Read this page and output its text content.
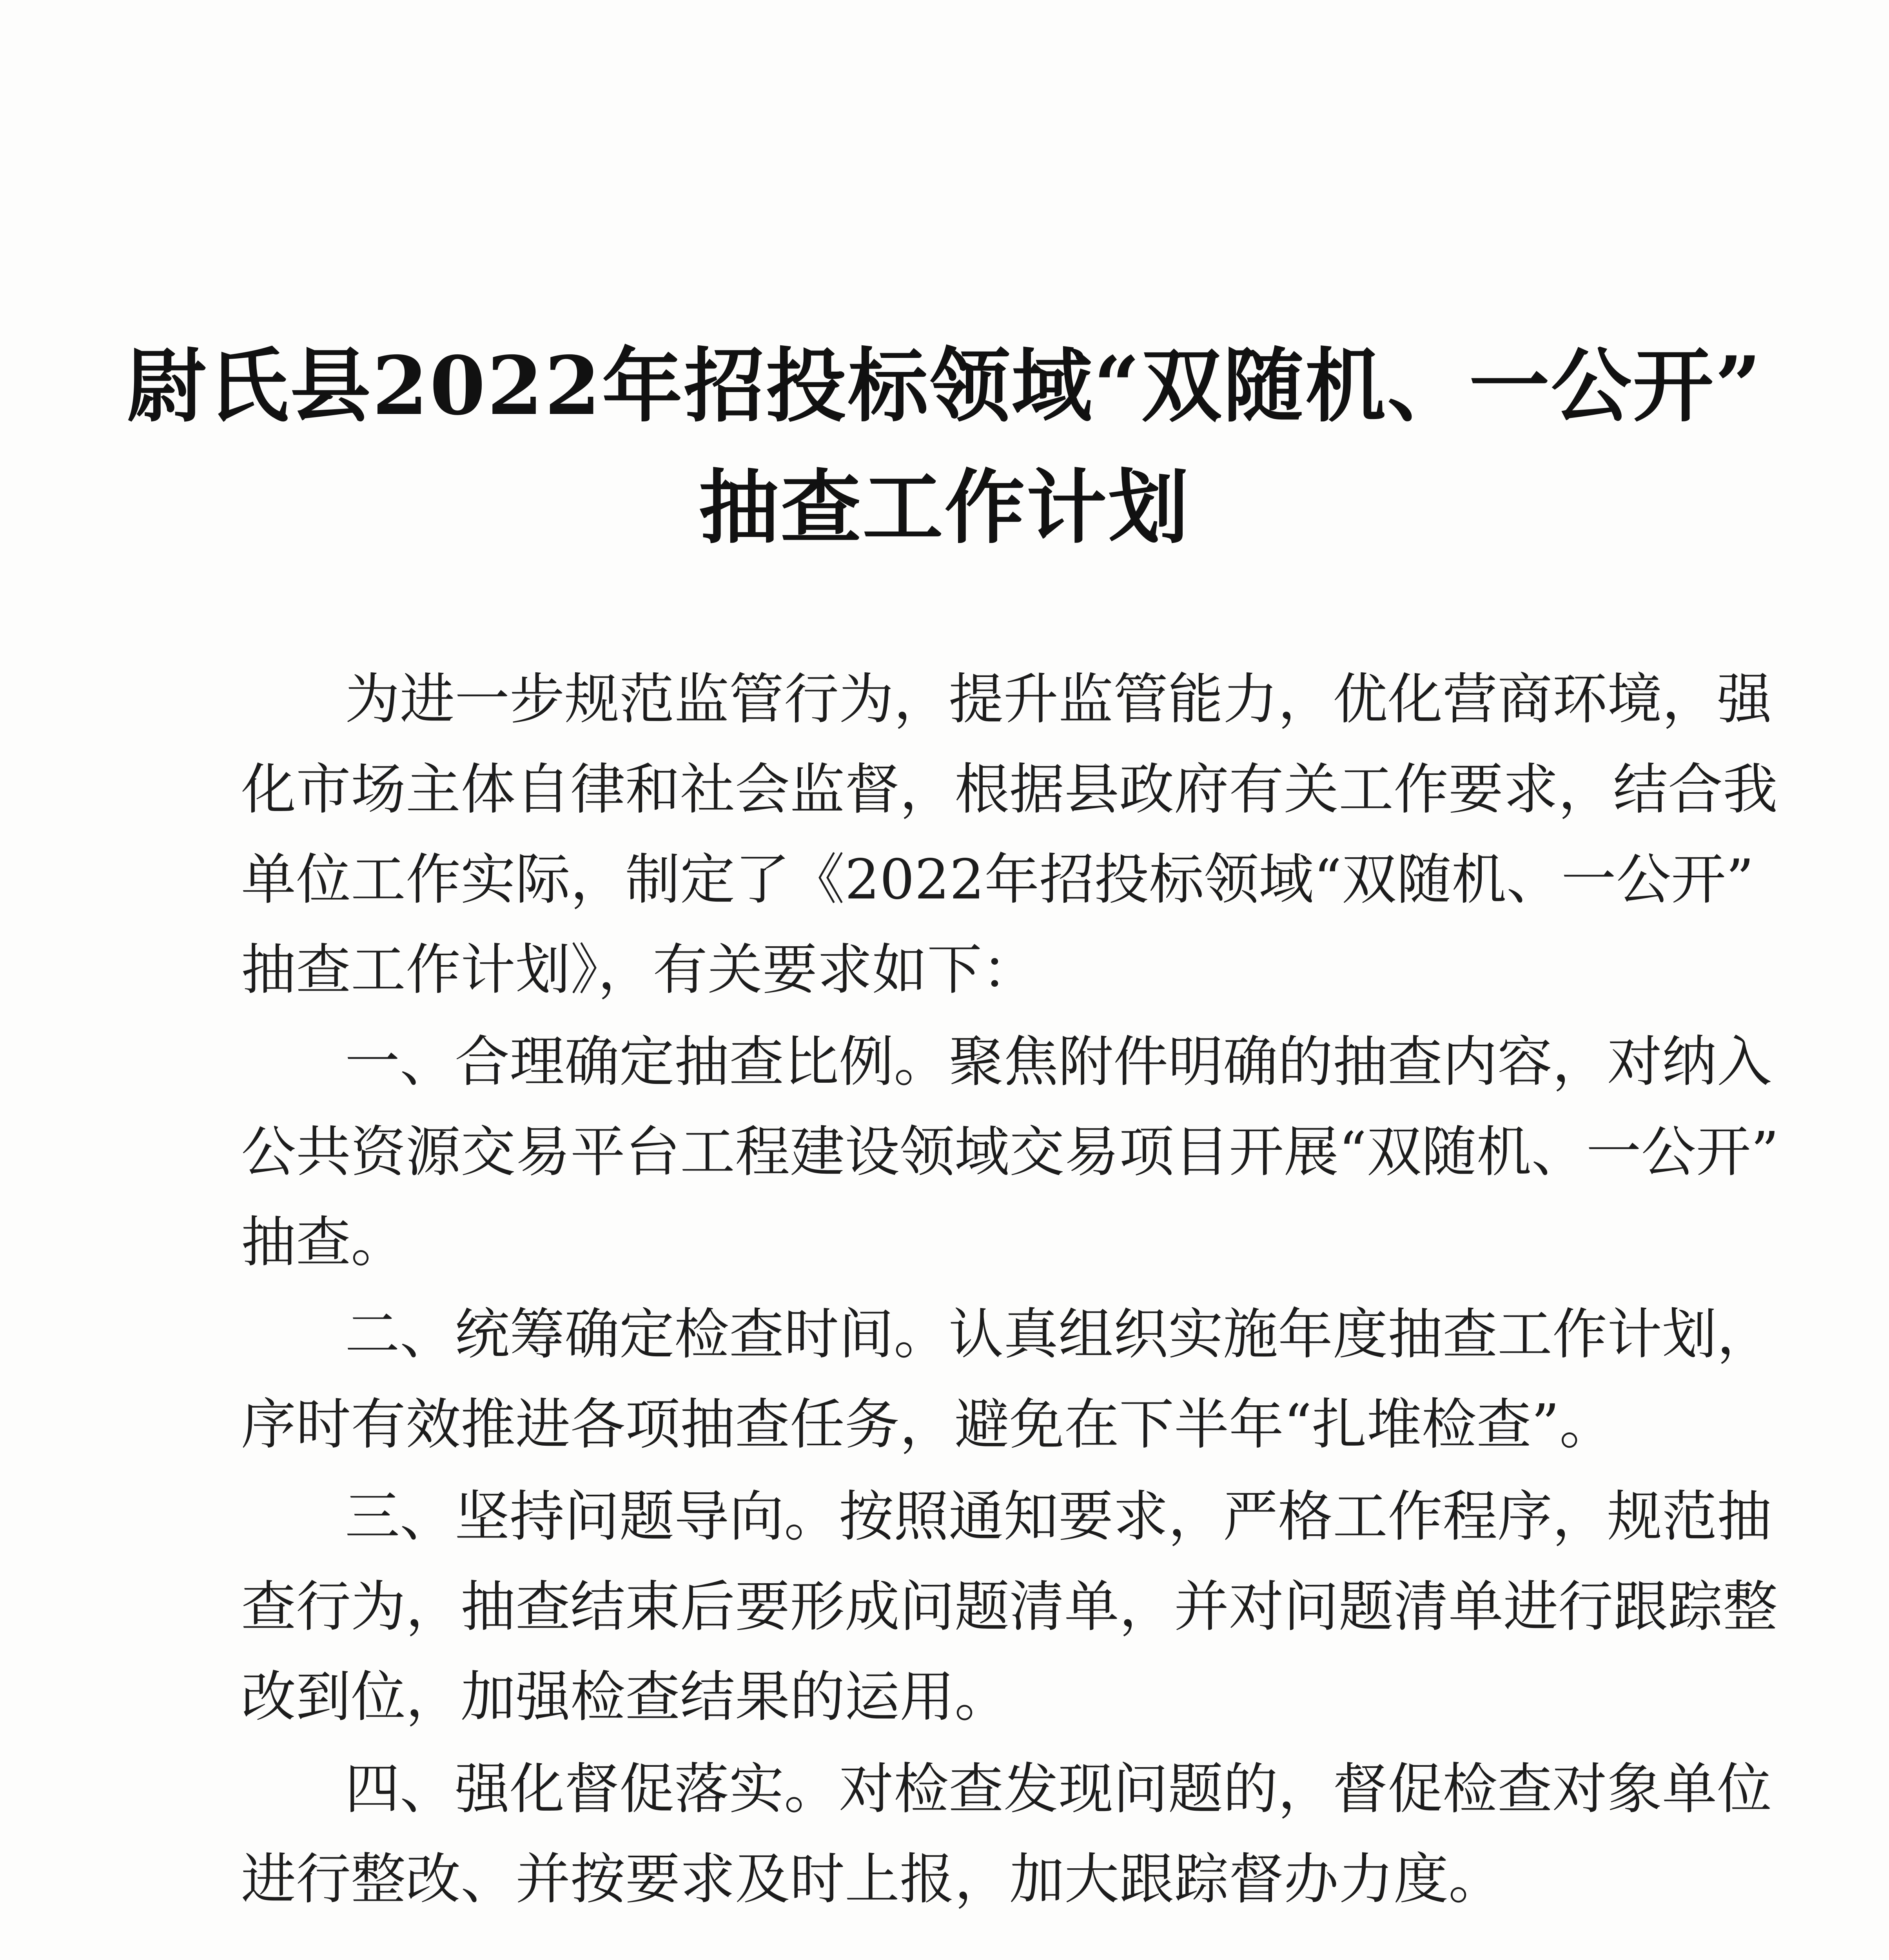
尉氏县2022年招投标领域“双随机、一公开”
抽查工作计划
为进一步规范监管行为，提升监管能力，优化营商环境，强
化市场主体自律和社会监督，根据县政府有关工作要求，结合我
单位工作实际，制定了《2022年招投标领域“双随机、一公开”
抽查工作计划》，有关要求如下：
一、合理确定抽查比例。聚焦附件明确的抽查内容，对纳入
公共资源交易平台工程建设领域交易项目开展“双随机、一公开”
抽查。
二、统筹确定检查时间。认真组织实施年度抽查工作计划，
序时有效推进各项抽查任务，避免在下半年“扎堆检查”。
三、坚持问题导向。按照通知要求，严格工作程序，规范抽
查行为，抽查结束后要形成问题清单，并对问题清单进行跟踪整
改到位，加强检查结果的运用。
四、强化督促落实。对检查发现问题的，督促检查对象单位
进行整改、并按要求及时上报，加大跟踪督办力度。
